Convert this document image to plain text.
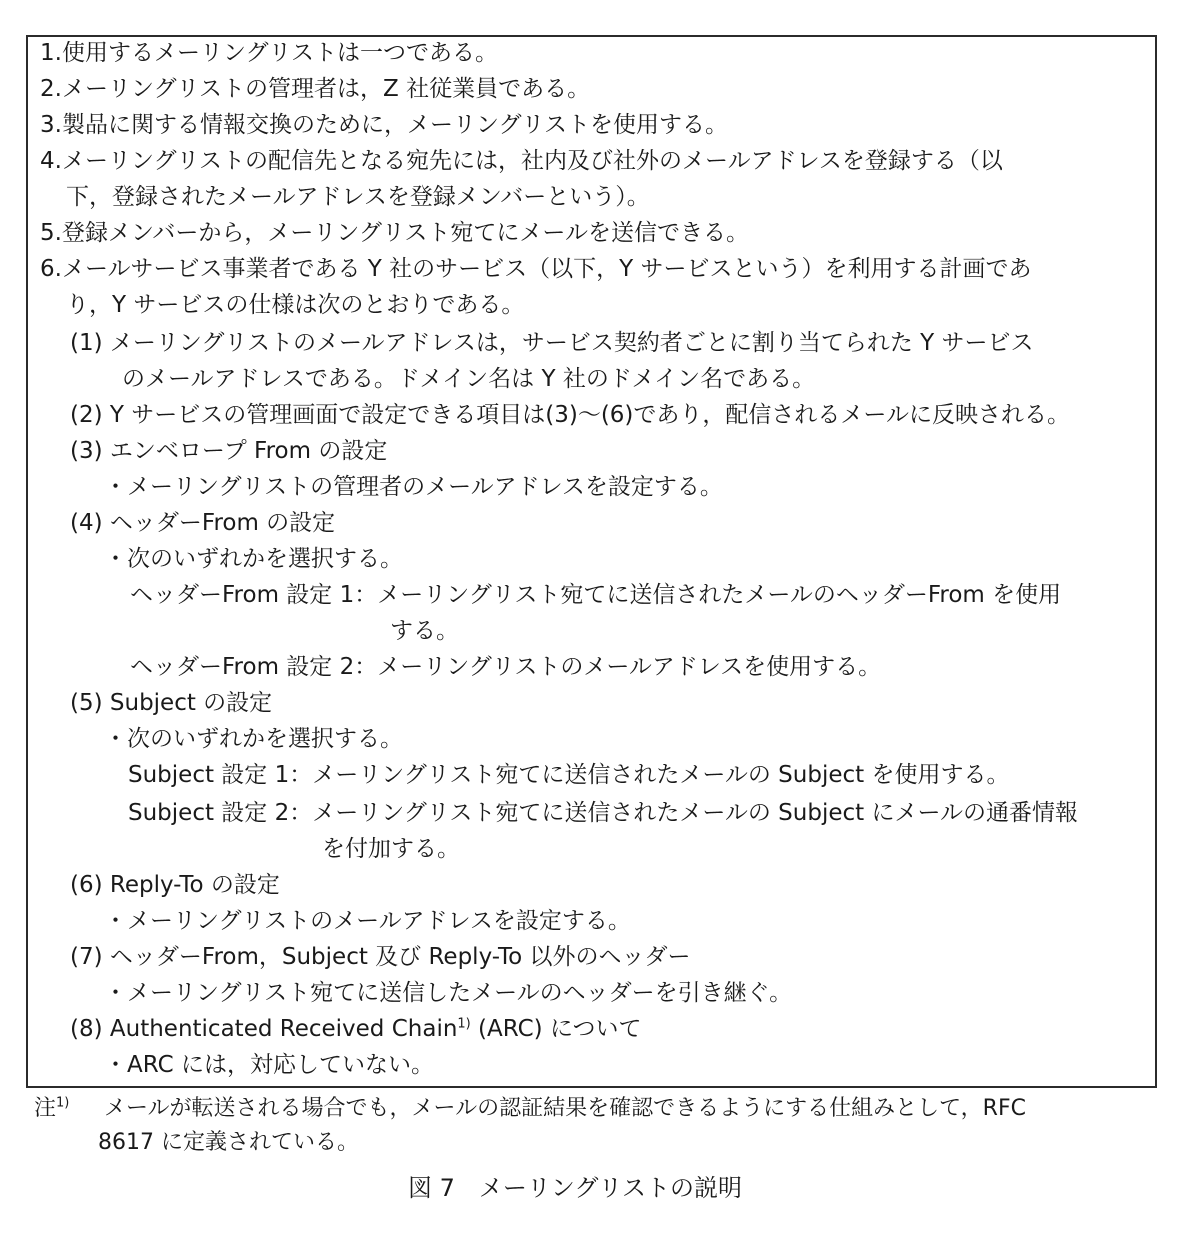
1.使用するメーリングリストは一つである。
2.メーリングリストの管理者は，Z 社従業員である。
3.製品に関する情報交換のために，メーリングリストを使用する。
4.メーリングリストの配信先となる宛先には，社内及び社外のメールアドレスを登録する（以
下，登録されたメールアドレスを登録メンバーという）。
5.登録メンバーから，メーリングリスト宛てにメールを送信できる。
6.メールサービス事業者である Y 社のサービス（以下，Y サービスという）を利用する計画であ
り，Y サービスの仕様は次のとおりである。
(1) メーリングリストのメールアドレスは，サービス契約者ごとに割り当てられた Y サービス
のメールアドレスである。ドメイン名は Y 社のドメイン名である。
(2) Y サービスの管理画面で設定できる項目は(3)～(6)であり，配信されるメールに反映される。
(3) エンベロープ From の設定
・メーリングリストの管理者のメールアドレスを設定する。
(4) ヘッダーFrom の設定
・次のいずれかを選択する。
ヘッダーFrom 設定 1：メーリングリスト宛てに送信されたメールのヘッダーFrom を使用
する。
ヘッダーFrom 設定 2：メーリングリストのメールアドレスを使用する。
(5) Subject の設定
・次のいずれかを選択する。
Subject 設定 1：メーリングリスト宛てに送信されたメールの Subject を使用する。
Subject 設定 2：メーリングリスト宛てに送信されたメールの Subject にメールの通番情報
を付加する。
(6) Reply-To の設定
・メーリングリストのメールアドレスを設定する。
(7) ヘッダーFrom，Subject 及び Reply-To 以外のヘッダー
・メーリングリスト宛てに送信したメールのヘッダーを引き継ぐ。
(8) Authenticated Received Chain$^{1)}$ (ARC) について
・ARC には，対応していない。
注$^{1)}$ メールが転送される場合でも，メールの認証結果を確認できるようにする仕組みとして，RFC
8617 に定義されている。
図 7　メーリングリストの説明
